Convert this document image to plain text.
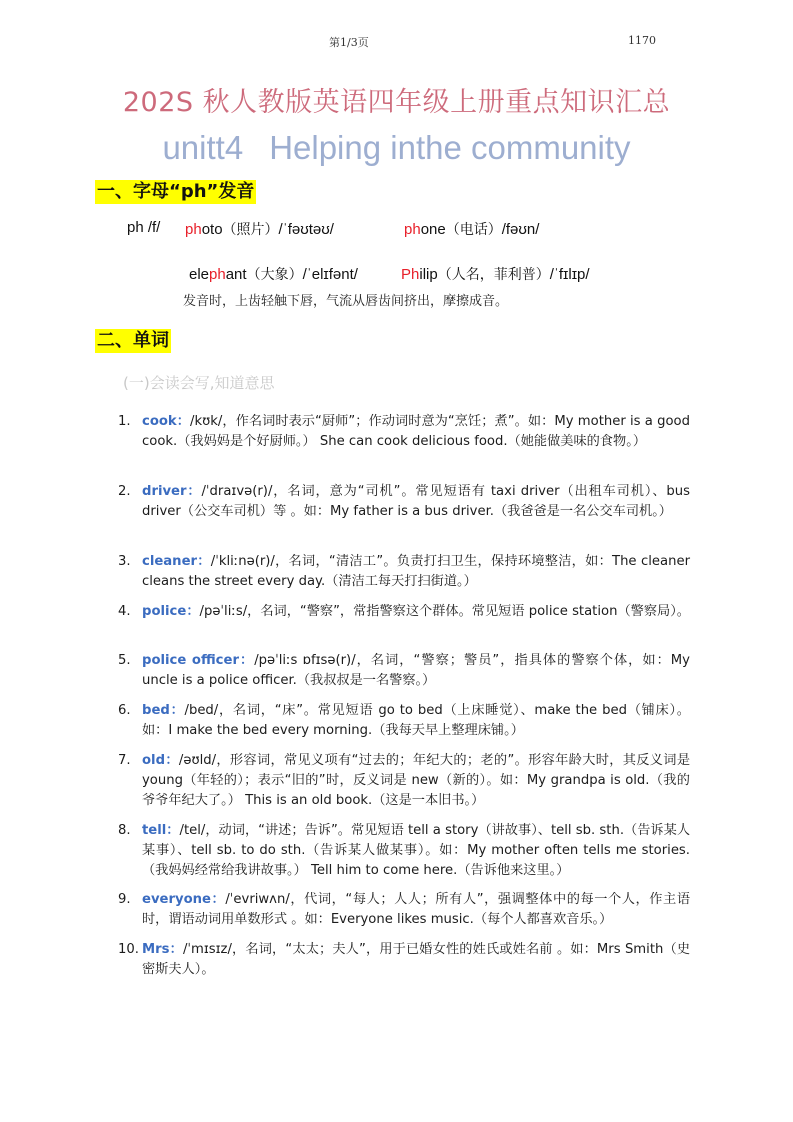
第1/3页	1170
202S 秋人教版英语四年级上册重点知识汇总
unitt4 Helping inthe community
一、字母“ph”发音
ph /f/ photo（照片）/ˈfəʊtəʊ/	phone（电话）/fəʊn/
elephant（大象）/ˈelɪfənt/	Philip（人名，菲利普）/ˈfɪlɪp/
发音时，上齿轻触下唇，气流从唇齿间挤出，摩擦成音。
二、单词
(一)会读会写,知道意思
1. cook：/kʊk/，作名词时表示“厨师”；作动词时意为“烹饪；煮”。如：My mother is a good cook.（我妈妈是个好厨师。） She can cook delicious food.（她能做美味的食物。）
2. driver：/ˈdraɪvə(r)/，名词，意为“司机”。常见短语有 taxi driver（出租车司机）、bus driver（公交车司机）等 。如：My father is a bus driver.（我爸爸是一名公交车司机。）
3. cleaner：/ˈkliːnə(r)/，名词，“清洁工”。负责打扫卫生，保持环境整洁，如：The cleaner cleans the street every day.（清洁工每天打扫街道。）
4. police：/pəˈliːs/，名词，“警察”，常指警察这个群体。常见短语 police station（警察局）。
5. police officer：/pəˈliːs ɒfɪsə(r)/，名词，“警察；警员”，指具体的警察个体，如：My uncle is a police officer.（我叔叔是一名警察。）
6. bed：/bed/，名词，“床”。常见短语 go to bed（上床睡觉）、make the bed（铺床）。如：I make the bed every morning.（我每天早上整理床铺。）
7. old：/əʊld/，形容词，常见义项有“过去的；年纪大的；老的”。形容年龄大时，其反义词是 young（年轻的）；表示“旧的”时，反义词是 new（新的）。如：My grandpa is old.（我的爷爷年纪大了。） This is an old book.（这是一本旧书。）
8. tell：/tel/，动词，“讲述；告诉”。常见短语 tell a story（讲故事）、tell sb. sth.（告诉某人某事）、tell sb. to do sth.（告诉某人做某事）。如：My mother often tells me stories.（我妈妈经常给我讲故事。） Tell him to come here.（告诉他来这里。）
9. everyone：/ˈevriwʌn/，代词，“每人；人人；所有人”，强调整体中的每一个人，作主语时，谓语动词用单数形式 。如：Everyone likes music.（每个人都喜欢音乐。）
10. Mrs：/ˈmɪsɪz/，名词，“太太；夫人”，用于已婚女性的姓氏或姓名前 。如：Mrs Smith（史密斯夫人）。
